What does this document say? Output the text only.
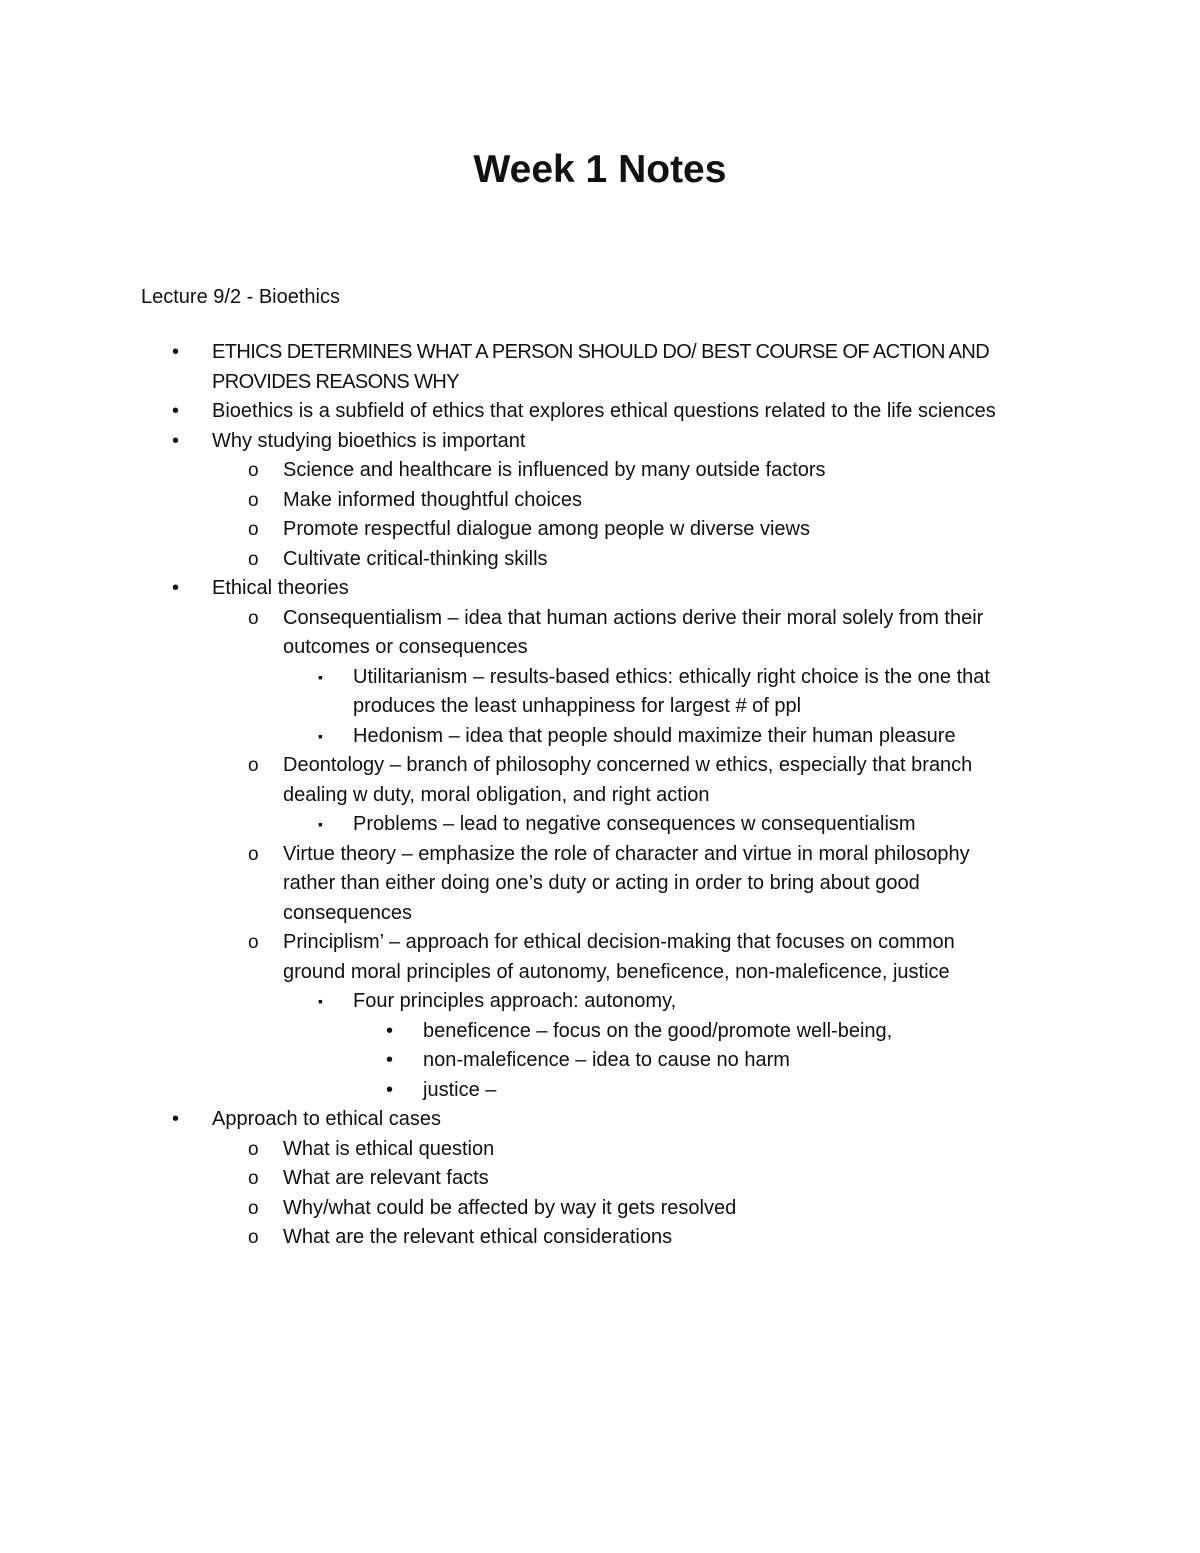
Week 1 Notes
Lecture 9/2 - Bioethics
• ETHICS DETERMINES WHAT A PERSON SHOULD DO/ BEST COURSE OF ACTION AND
PROVIDES REASONS WHY
• Bioethics is a subfield of ethics that explores ethical questions related to the life sciences
• Why studying bioethics is important
o Science and healthcare is influenced by many outside factors
o Make informed thoughtful choices
o Promote respectful dialogue among people w diverse views
o Cultivate critical-thinking skills
• Ethical theories
o Consequentialism – idea that human actions derive their moral solely from their
outcomes or consequences
▪ Utilitarianism – results-based ethics: ethically right choice is the one that
produces the least unhappiness for largest # of ppl
▪ Hedonism – idea that people should maximize their human pleasure
o Deontology – branch of philosophy concerned w ethics, especially that branch
dealing w duty, moral obligation, and right action
▪ Problems – lead to negative consequences w consequentialism
o Virtue theory – emphasize the role of character and virtue in moral philosophy
rather than either doing one’s duty or acting in order to bring about good
consequences
o Principlism’ – approach for ethical decision-making that focuses on common
ground moral principles of autonomy, beneficence, non-maleficence, justice
▪ Four principles approach: autonomy,
• beneficence – focus on the good/promote well-being,
• non-maleficence – idea to cause no harm
• justice –
• Approach to ethical cases
o What is ethical question
o What are relevant facts
o Why/what could be affected by way it gets resolved
o What are the relevant ethical considerations
